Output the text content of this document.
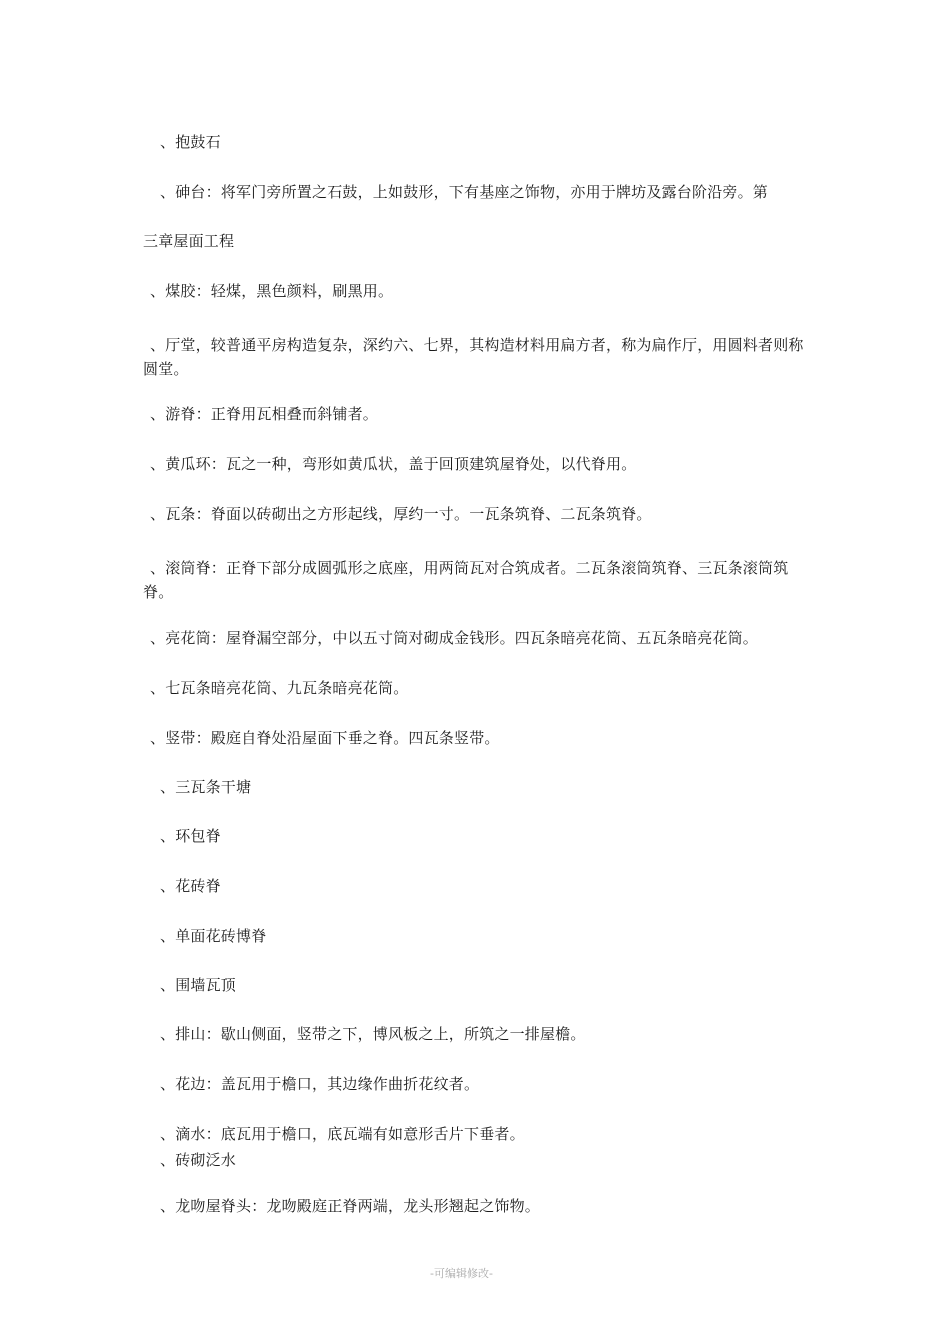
、抱鼓石
、砷台：将军门旁所置之石鼓，上如鼓形，下有基座之饰物，亦用于牌坊及露台阶沿旁。第
三章屋面工程
、煤胶：轻煤，黑色颜料，刷黑用。
、厅堂，较普通平房构造复杂，深约六、七界，其构造材料用扁方者，称为扁作厅，用圆料者则称圆堂。
、游脊：正脊用瓦相叠而斜铺者。
、黄瓜环：瓦之一种，弯形如黄瓜状，盖于回顶建筑屋脊处，以代脊用。
、瓦条：脊面以砖砌出之方形起线，厚约一寸。一瓦条筑脊、二瓦条筑脊。
、滚筒脊：正脊下部分成圆弧形之底座，用两筒瓦对合筑成者。二瓦条滚筒筑脊、三瓦条滚筒筑脊。
、亮花筒：屋脊漏空部分，中以五寸筒对砌成金钱形。四瓦条暗亮花筒、五瓦条暗亮花筒。
、七瓦条暗亮花筒、九瓦条暗亮花筒。
、竖带：殿庭自脊处沿屋面下垂之脊。四瓦条竖带。
、三瓦条干塘
、环包脊
、花砖脊
、单面花砖博脊
、围墙瓦顶
、排山：歇山侧面，竖带之下，博风板之上，所筑之一排屋檐。
、花边：盖瓦用于檐口，其边缘作曲折花纹者。
、滴水：底瓦用于檐口，底瓦端有如意形舌片下垂者。
、砖砌泛水
、龙吻屋脊头：龙吻殿庭正脊两端，龙头形翘起之饰物。
-可编辑修改-
